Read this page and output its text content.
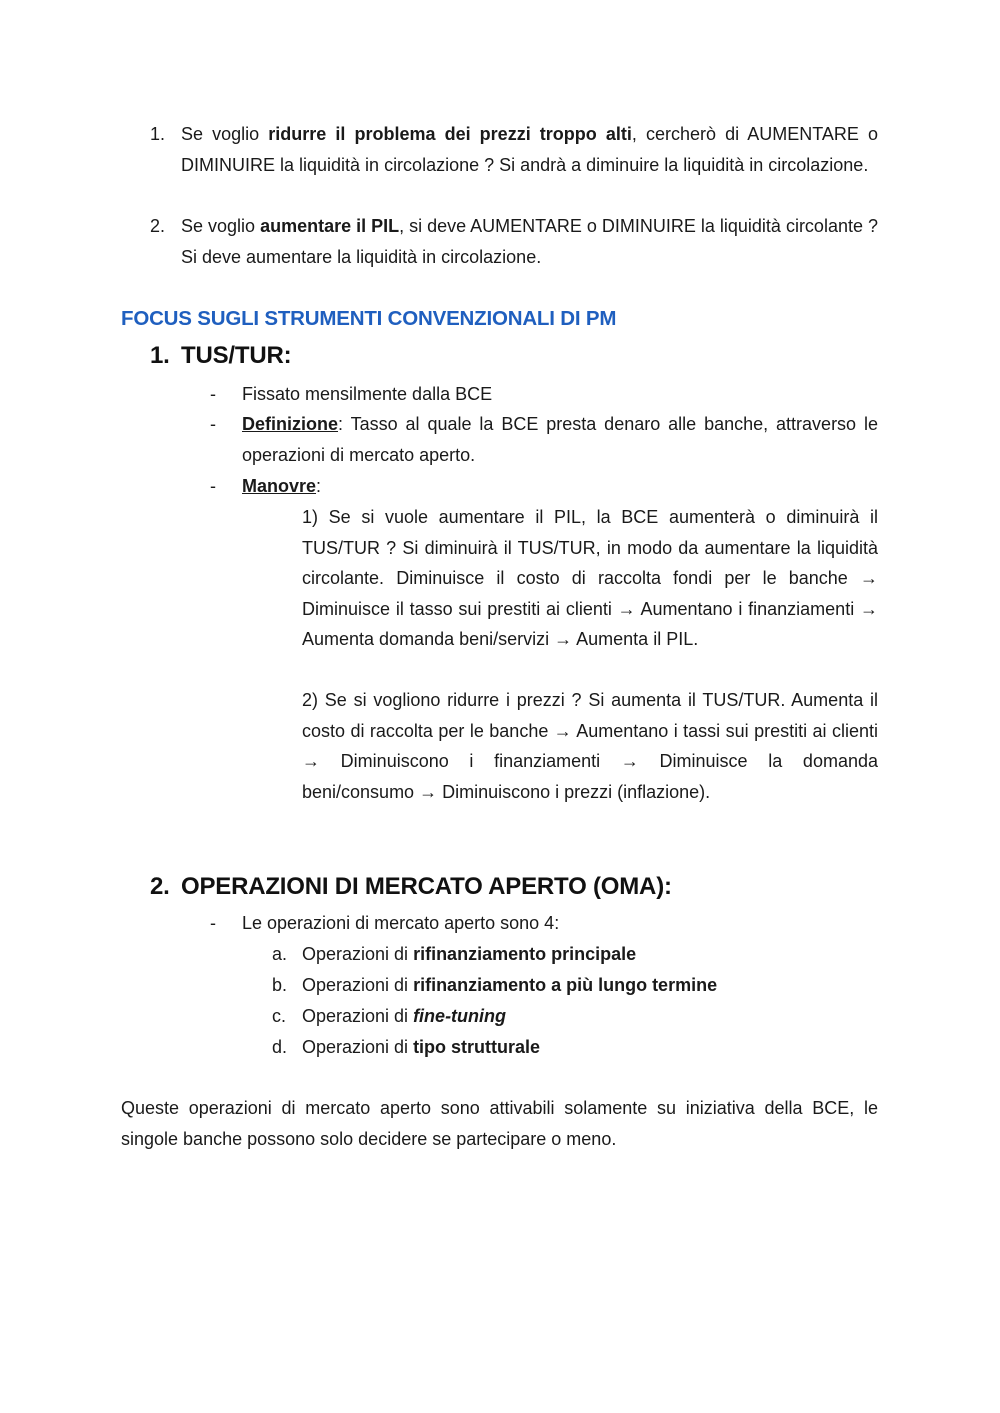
1. Se voglio ridurre il problema dei prezzi troppo alti, cercherò di AUMENTARE o DIMINUIRE la liquidità in circolazione ? Si andrà a diminuire la liquidità in circolazione.
2. Se voglio aumentare il PIL, si deve AUMENTARE o DIMINUIRE la liquidità circolante ? Si deve aumentare la liquidità in circolazione.
FOCUS SUGLI STRUMENTI CONVENZIONALI DI PM
1. TUS/TUR:
- Fissato mensilmente dalla BCE
- Definizione: Tasso al quale la BCE presta denaro alle banche, attraverso le operazioni di mercato aperto.
- Manovre:
1) Se si vuole aumentare il PIL, la BCE aumenterà o diminuirà il TUS/TUR ? Si diminuirà il TUS/TUR, in modo da aumentare la liquidità circolante. Diminuisce il costo di raccolta fondi per le banche → Diminuisce il tasso sui prestiti ai clienti → Aumentano i finanziamenti → Aumenta domanda beni/servizi → Aumenta il PIL.
2) Se si vogliono ridurre i prezzi ? Si aumenta il TUS/TUR. Aumenta il costo di raccolta per le banche → Aumentano i tassi sui prestiti ai clienti → Diminuiscono i finanziamenti → Diminuisce la domanda beni/consumo → Diminuiscono i prezzi (inflazione).
2. OPERAZIONI DI MERCATO APERTO (OMA):
- Le operazioni di mercato aperto sono 4:
a. Operazioni di rifinanziamento principale
b. Operazioni di rifinanziamento a più lungo termine
c. Operazioni di fine-tuning
d. Operazioni di tipo strutturale
Queste operazioni di mercato aperto sono attivabili solamente su iniziativa della BCE, le singole banche possono solo decidere se partecipare o meno.
